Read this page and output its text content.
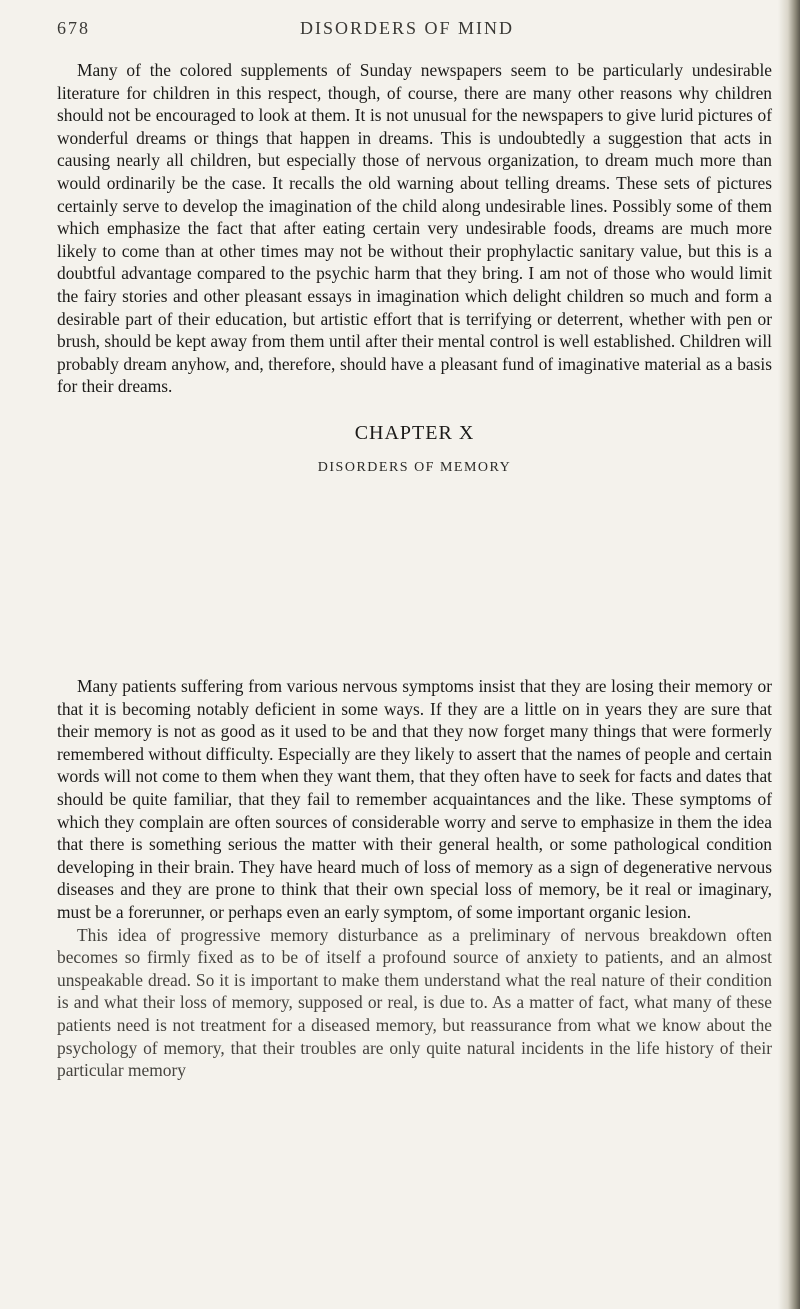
678	DISORDERS OF MIND

Many of the colored supplements of Sunday newspapers seem to be particularly undesirable literature for children in this respect, though, of course, there are many other reasons why children should not be encouraged to look at them. It is not unusual for the newspapers to give lurid pictures of wonderful dreams or things that happen in dreams. This is undoubtedly a suggestion that acts in causing nearly all children, but especially those of nervous organization, to dream much more than would ordinarily be the case. It recalls the old warning about telling dreams. These sets of pictures certainly serve to develop the imagination of the child along undesirable lines. Possibly some of them which emphasize the fact that after eating certain very undesirable foods, dreams are much more likely to come than at other times may not be without their prophylactic sanitary value, but this is a doubtful advantage compared to the psychic harm that they bring. I am not of those who would limit the fairy stories and other pleasant essays in imagination which delight children so much and form a desirable part of their education, but artistic effort that is terrifying or deterrent, whether with pen or brush, should be kept away from them until after their mental control is well established. Children will probably dream anyhow, and, therefore, should have a pleasant fund of imaginative material as a basis for their dreams.

CHAPTER X
DISORDERS OF MEMORY

Many patients suffering from various nervous symptoms insist that they are losing their memory or that it is becoming notably deficient in some ways. If they are a little on in years they are sure that their memory is not as good as it used to be and that they now forget many things that were formerly remembered without difficulty. Especially are they likely to assert that the names of people and certain words will not come to them when they want them, that they often have to seek for facts and dates that should be quite familiar, that they fail to remember acquaintances and the like. These symptoms of which they complain are often sources of considerable worry and serve to emphasize in them the idea that there is something serious the matter with their general health, or some pathological condition developing in their brain. They have heard much of loss of memory as a sign of degenerative nervous diseases and they are prone to think that their own special loss of memory, be it real or imaginary, must be a forerunner, or perhaps even an early symptom, of some important organic lesion.

This idea of progressive memory disturbance as a preliminary of nervous breakdown often becomes so firmly fixed as to be of itself a profound source of anxiety to patients, and an almost unspeakable dread. So it is important to make them understand what the real nature of their condition is and what their loss of memory, supposed or real, is due to. As a matter of fact, what many of these patients need is not treatment for a diseased memory, but reassurance from what we know about the psychology of memory, that their troubles are only quite natural incidents in the life history of their particular memory
